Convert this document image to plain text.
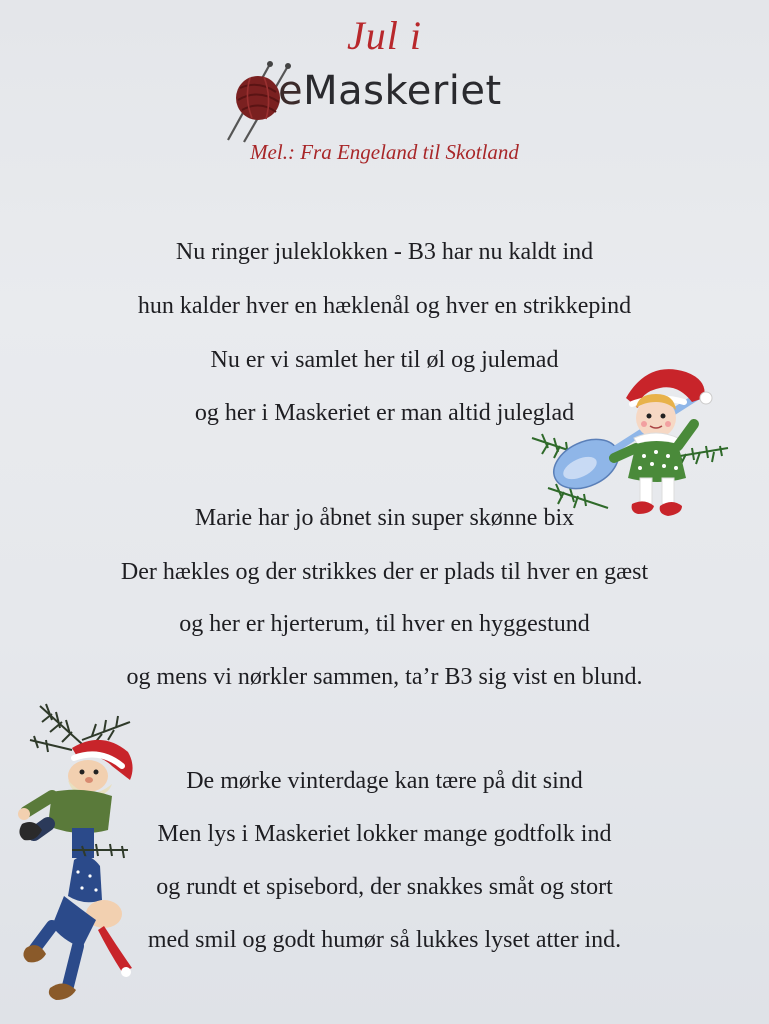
Jul i
eMaskeriet
Mel.: Fra Engeland til Skotland
Nu ringer juleklokken - B3 har nu kaldt ind
hun kalder hver en hæklenål og hver en strikkepind
Nu er vi samlet her til øl og julemad
og her i Maskeriet er man altid juleglad
Marie har jo åbnet sin super skønne bix
Der hækles og der strikkes der er plads til hver en gæst
og her er hjerterum, til hver en hyggestund
og mens vi nørkler sammen, ta’r B3 sig vist en blund.
De mørke vinterdage kan tære på dit sind
Men lys i Maskeriet lokker mange godtfolk ind
og rundt et spisebord, der snakkes småt og stort
med smil og godt humør så lukkes lyset atter ind.
